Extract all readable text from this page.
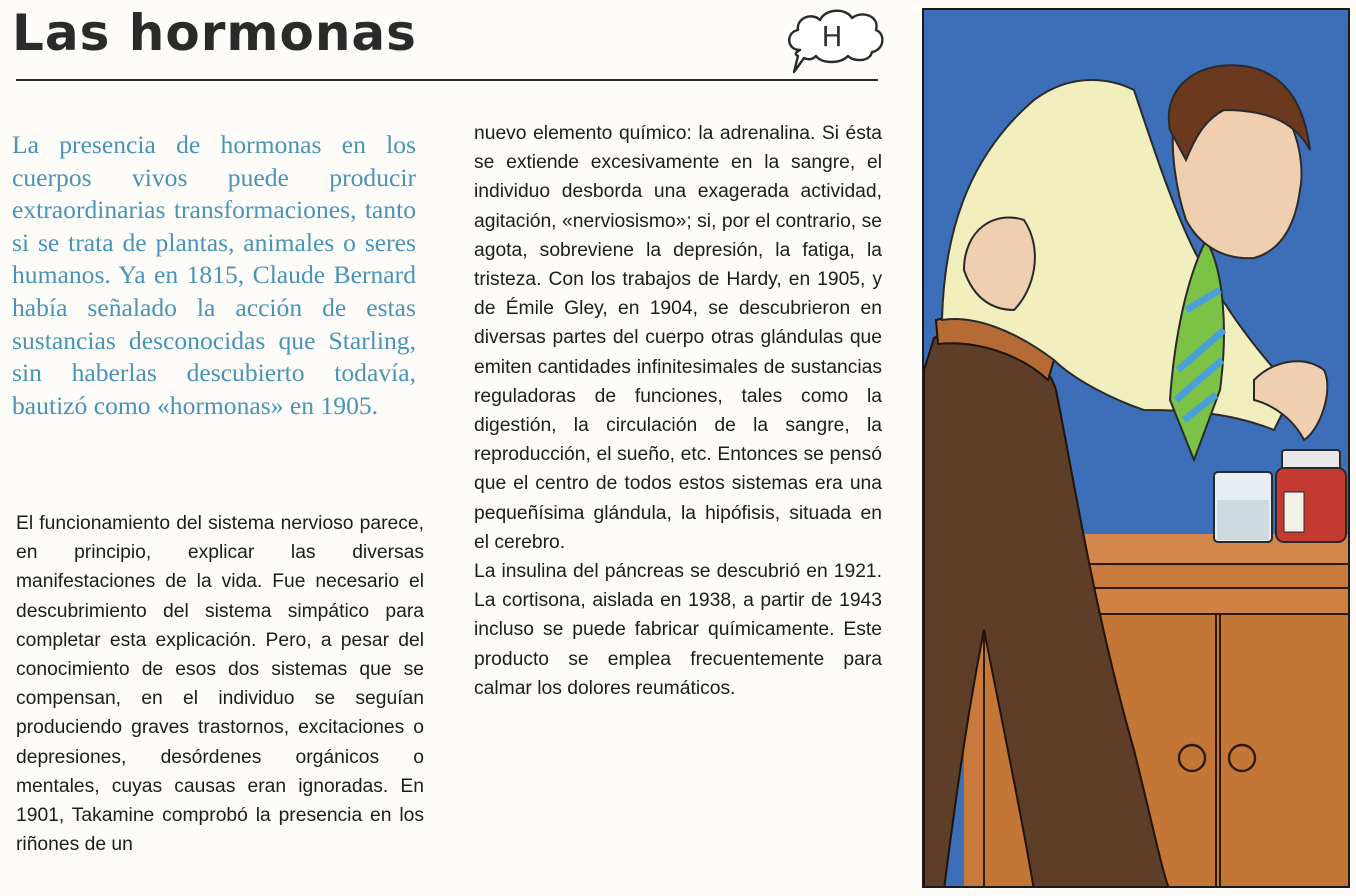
Las hormonas	H
La presencia de hormonas en los cuerpos vivos puede producir extraordinarias transformaciones, tanto si se trata de plantas, animales o seres humanos. Ya en 1815, Claude Bernard había señalado la acción de estas sustancias desconocidas que Starling, sin haberlas descubierto todavía, bautizó como «hormonas» en 1905.

El funcionamiento del sistema nervioso parece, en principio, explicar las diversas manifestaciones de la vida. Fue necesario el descubrimiento del sistema simpático para completar esta explicación. Pero, a pesar del conocimiento de esos dos sistemas que se compensan, en el individuo se seguían produciendo graves trastornos, excitaciones o depresiones, desórdenes orgánicos o mentales, cuyas causas eran ignoradas. En 1901, Takamine comprobó la presencia en los riñones de un

nuevo elemento químico: la adrenalina. Si ésta se extiende excesivamente en la sangre, el individuo desborda una exagerada actividad, agitación, «nerviosismo»; si, por el contrario, se agota, sobreviene la depresión, la fatiga, la tristeza. Con los trabajos de Hardy, en 1905, y de Émile Gley, en 1904, se descubrieron en diversas partes del cuerpo otras glándulas que emiten cantidades infinitesimales de sustancias reguladoras de funciones, tales como la digestión, la circulación de la sangre, la reproducción, el sueño, etc. Entonces se pensó que el centro de todos estos sistemas era una pequeñísima glándula, la hipófisis, situada en el cerebro.

La insulina del páncreas se descubrió en 1921. La cortisona, aislada en 1938, a partir de 1943 incluso se puede fabricar químicamente. Este producto se emplea frecuentemente para calmar los dolores reumáticos.
